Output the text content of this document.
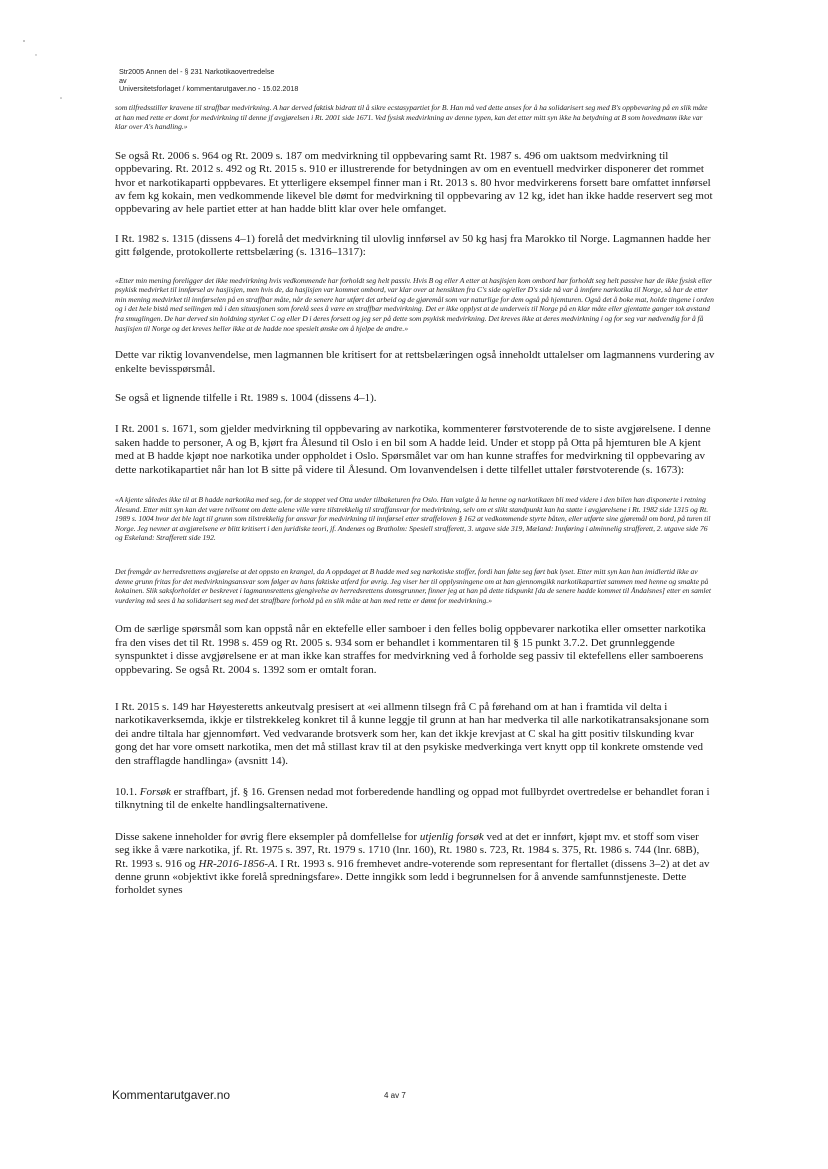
Str2005 Annen del - § 231 Narkotikaovertredelse
av
Universitetsforlaget / kommentarutgaver.no - 15.02.2018

som tilfredsstiller kravene til straffbar medvirkning. A har derved faktisk bidratt til å sikre ecstasypartiet for B. Han må ved dette anses for å ha solidarisert seg med B's oppbevaring på en slik måte at han med rette er domt for medvirkning til denne jf avgjørelsen i Rt. 2001 side 1671. Ved fysisk medvirkning av denne typen, kan det etter mitt syn ikke ha betydning at B som hovedmann ikke var klar over A's handling.»

Se også Rt. 2006 s. 964 og Rt. 2009 s. 187 om medvirkning til oppbevaring samt Rt. 1987 s. 496 om uaktsom medvirkning til oppbevaring. Rt. 2012 s. 492 og Rt. 2015 s. 910 er illustrerende for betydningen av om en eventuell medvirker disponerer det rommet hvor et narkotikaparti oppbevares. Et ytterligere eksempel finner man i Rt. 2013 s. 80 hvor medvirkerens forsett bare omfattet innførsel av fem kg kokain, men vedkommende likevel ble dømt for medvirkning til oppbevaring av 12 kg, idet han ikke hadde reservert seg mot oppbevaring av hele partiet etter at han hadde blitt klar over hele omfanget.

I Rt. 1982 s. 1315 (dissens 4–1) forelå det medvirkning til ulovlig innførsel av 50 kg hasj fra Marokko til Norge. Lagmannen hadde her gitt følgende, protokollerte rettsbelæring (s. 1316–1317):

«Etter min mening foreligger det ikke medvirkning hvis vedkommende har forholdt seg helt passiv. Hvis B og eller A etter at hasjisjen kom ombord har forholdt seg helt passive har de ikke fysisk eller psykisk medvirket til innførsel av hasjisjen, men hvis de, da hasjisjen var kommet ombord, var klar over at hensikten fra C's side og/eller D's side nå var å innføre narkotika til Norge, så har de etter min mening medvirket til innførselen på en straffbar måte, når de senere har utført det arbeid og de gjøremål som var naturlige for dem også på hjemturen. Også det å boke mat, holde tingene i orden og i det hele bistå med seilingen må i den situasjonen som forelå sees å være en straffbar medvirkning. Det er ikke opplyst at de underveis til Norge på en klar måte eller gjentatte ganger tok avstand fra smuglingen. De har derved sin holdning styrket C og eller D i deres forsett og jeg ser på dette som psykisk medvirkning. Det kreves ikke at deres medvirkning i og for seg var nødvendig for å få hasjisjen til Norge og det kreves heller ikke at de hadde noe spesielt ønske om å hjelpe de andre.»

Dette var riktig lovanvendelse, men lagmannen ble kritisert for at rettsbelæringen også inneholdt uttalelser om lagmannens vurdering av enkelte bevisspørsmål.

Se også et lignende tilfelle i Rt. 1989 s. 1004 (dissens 4–1).

I Rt. 2001 s. 1671, som gjelder medvirkning til oppbevaring av narkotika, kommenterer førstvoterende de to siste avgjørelsene. I denne saken hadde to personer, A og B, kjørt fra Ålesund til Oslo i en bil som A hadde leid. Under et stopp på Otta på hjemturen ble A kjent med at B hadde kjøpt noe narkotika under oppholdet i Oslo. Spørsmålet var om han kunne straffes for medvirkning til oppbevaring av dette narkotikapartiet når han lot B sitte på videre til Ålesund. Om lovanvendelsen i dette tilfellet uttaler førstvoterende (s. 1673):

«A kjente således ikke til at B hadde narkotika med seg, for de stoppet ved Otta under tilbaketuren fra Oslo. Han valgte å la henne og narkotikaen bli med videre i den bilen han disponerte i retning Ålesund. Etter mitt syn kan det være tvilsomt om dette alene ville være tilstrekkelig til straffansvar for medvirkning, selv om et slikt standpunkt kan ha støtte i avgjørelsene i Rt. 1982 side 1315 og Rt. 1989 s. 1004 hvor det ble lagt til grunn som tilstrekkelig for ansvar for medvirkning til innførsel etter straffeloven § 162 at vedkommende styrte båten, eller utførte sine gjøremål om bord, på turen til Norge. Jeg nevner at avgjørelsene er blitt kritisert i den juridiske teori, jf. Andenæs og Bratholm: Spesiell strafferett, 3. utgave side 319, Mæland: Innføring i alminnelig strafferett, 2. utgave side 76 og Eskeland: Strafferett side 192.

Det fremgår av herredsrettens avgjørelse at det oppsto en krangel, da A oppdaget at B hadde med seg narkotiske stoffer, fordi han følte seg ført bak lyset. Etter mitt syn kan han imidlertid ikke av denne grunn fritas for det medvirkningsansvar som følger av hans faktiske atferd for øvrig. Jeg viser her til opplysningene om at han gjennomgikk narkotikapartiet sammen med henne og smakte på kokainen. Slik saksforholdet er beskrevet i lagmannsrettens gjengivelse av herredsrettens domsgrunner, finner jeg at han på dette tidspunkt [da de senere hadde kommet til Åndalsnes] etter en samlet vurdering må sees å ha solidarisert seg med det straffbare forhold på en slik måte at han med rette er dømt for medvirkning.»

Om de særlige spørsmål som kan oppstå når en ektefelle eller samboer i den felles bolig oppbevarer narkotika eller omsetter narkotika fra den vises det til Rt. 1998 s. 459 og Rt. 2005 s. 934 som er behandlet i kommentaren til § 15 punkt 3.7.2. Det grunnleggende synspunktet i disse avgjørelsene er at man ikke kan straffes for medvirkning ved å forholde seg passiv til ektefellens eller samboerens oppbevaring. Se også Rt. 2004 s. 1392 som er omtalt foran.

I Rt. 2015 s. 149 har Høyesteretts ankeutvalg presisert at «ei allmenn tilsegn frå C på førehand om at han i framtida vil delta i narkotikaverksemda, ikkje er tilstrekkeleg konkret til å kunne leggje til grunn at han har medverka til alle narkotikatransaksjonane som dei andre tiltala har gjennomført. Ved vedvarande brotsverk som her, kan det ikkje krevjast at C skal ha gitt positiv tilskunding kvar gong det har vore omsett narkotika, men det må stillast krav til at den psykiske medverkinga vert knytt opp til konkrete omstende ved den strafflagde handlinga» (avsnitt 14).

10.1. Forsøk er straffbart, jf. § 16. Grensen nedad mot forberedende handling og oppad mot fullbyrdet overtredelse er behandlet foran i tilknytning til de enkelte handlingsalternativene.

Disse sakene inneholder for øvrig flere eksempler på domfellelse for utjenlig forsøk ved at det er innført, kjøpt mv. et stoff som viser seg ikke å være narkotika, jf. Rt. 1975 s. 397, Rt. 1979 s. 1710 (lnr. 160), Rt. 1980 s. 723, Rt. 1984 s. 375, Rt. 1986 s. 744 (lnr. 68B), Rt. 1993 s. 916 og HR-2016-1856-A. I Rt. 1993 s. 916 fremhevet andre-voterende som representant for flertallet (dissens 3–2) at det av denne grunn «objektivt ikke forelå spredningsfare». Dette inngikk som ledd i begrunnelsen for å anvende samfunnstjeneste. Dette forholdet synes

Kommentarutgaver.no	4 av 7
